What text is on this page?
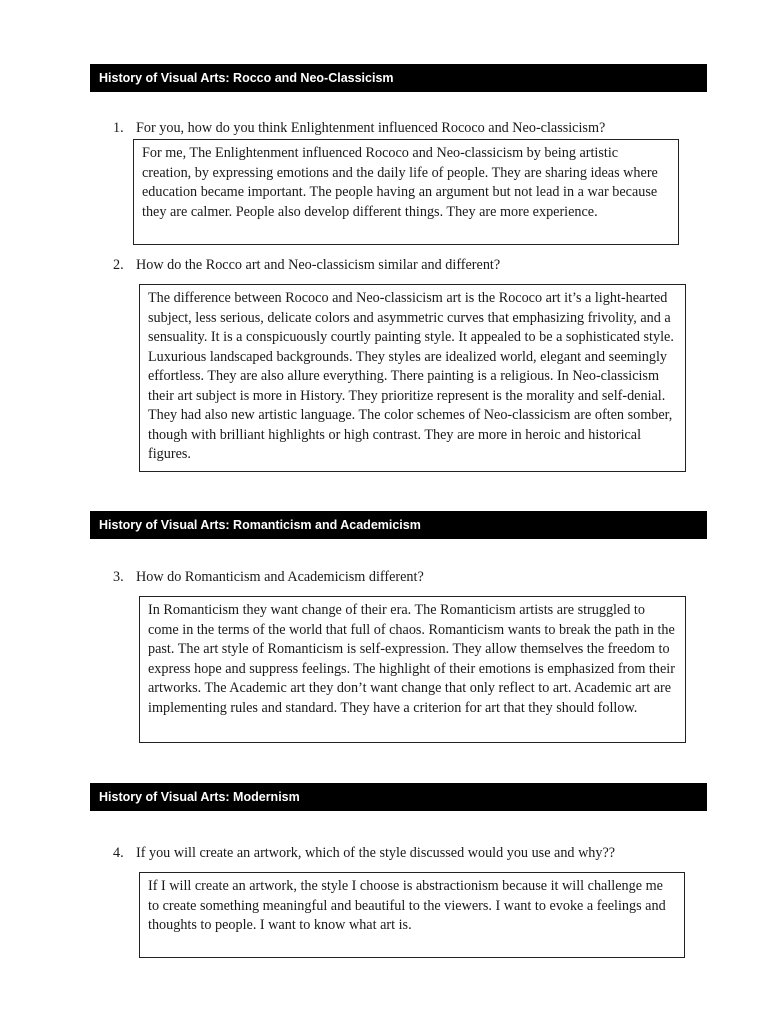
History of Visual Arts: Rocco and Neo-Classicism
1. For you, how do you think Enlightenment influenced Rococo and Neo-classicism?

For me, The Enlightenment influenced Rococo and Neo-classicism by being artistic creation, by expressing emotions and the daily life of people. They are sharing ideas where education became important. The people having an argument but not lead in a war because they are calmer. People also develop different things. They are more experience.

2. How do the Rocco art and Neo-classicism similar and different?

The difference between Rococo and Neo-classicism art is the Rococo art it’s a light-hearted subject, less serious, delicate colors and asymmetric curves that emphasizing frivolity, and a sensuality. It is a conspicuously courtly painting style. It appealed to be a sophisticated style. Luxurious landscaped backgrounds. They styles are idealized world, elegant and seemingly effortless. They are also allure everything. There painting is a religious. In Neo-classicism their art subject is more in History. They prioritize represent is the morality and self-denial. They had also new artistic language. The color schemes of Neo-classicism are often somber, though with brilliant highlights or high contrast. They are more in heroic and historical figures.

History of Visual Arts: Romanticism and Academicism
3. How do Romanticism and Academicism different?

In Romanticism they want change of their era. The Romanticism artists are struggled to come in the terms of the world that full of chaos. Romanticism wants to break the path in the past. The art style of Romanticism is self-expression. They allow themselves the freedom to express hope and suppress feelings. The highlight of their emotions is emphasized from their artworks. The Academic art they don’t want change that only reflect to art. Academic art are implementing rules and standard. They have a criterion for art that they should follow.

History of Visual Arts: Modernism
4. If you will create an artwork, which of the style discussed would you use and why??

If I will create an artwork, the style I choose is abstractionism because it will challenge me to create something meaningful and beautiful to the viewers. I want to evoke a feelings and thoughts to people. I want to know what art is.
